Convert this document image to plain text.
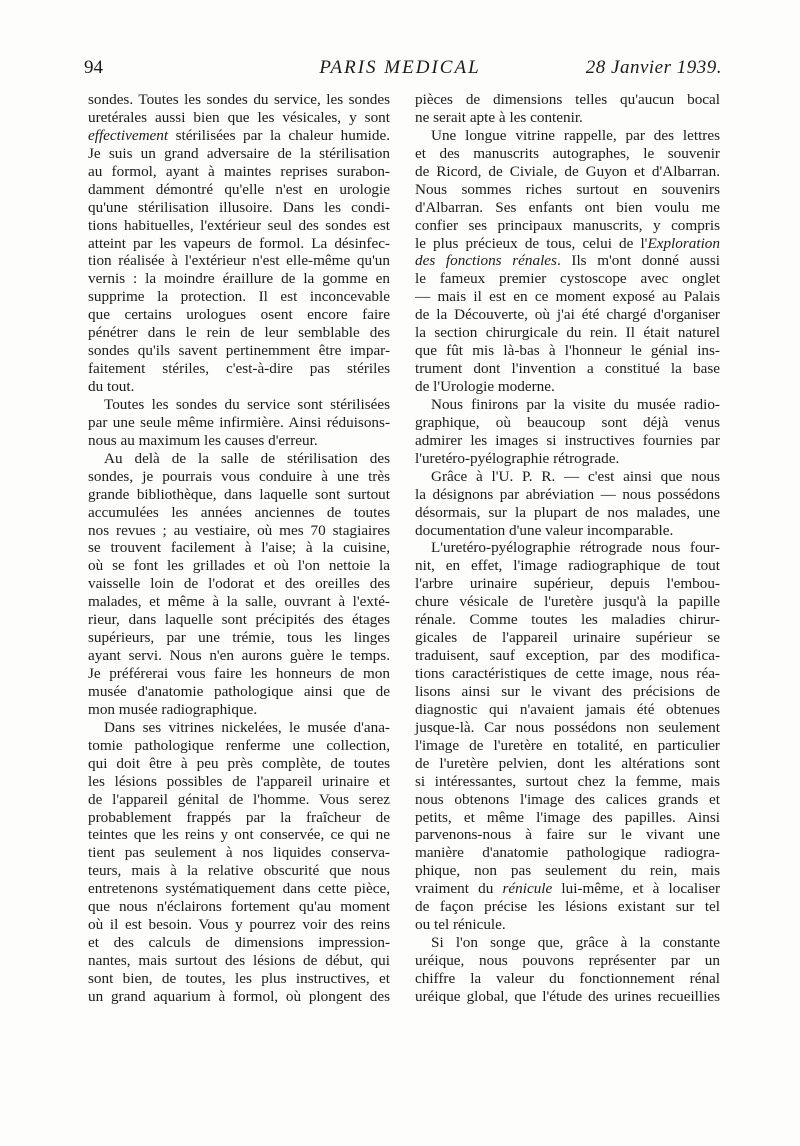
94	PARIS MEDICAL	28 Janvier 1939.
sondes. Toutes les sondes du service, les sondes
uretérales aussi bien que les vésicales, y sont
effectivement stérilisées par la chaleur humide.
Je suis un grand adversaire de la stérilisation
au formol, ayant à maintes reprises surabon-
damment démontré qu'elle n'est en urologie
qu'une stérilisation illusoire. Dans les condi-
tions habituelles, l'extérieur seul des sondes est
atteint par les vapeurs de formol. La désinfec-
tion réalisée à l'extérieur n'est elle-même qu'un
vernis : la moindre éraillure de la gomme en
supprime la protection. Il est inconcevable
que certains urologues osent encore faire
pénétrer dans le rein de leur semblable des
sondes qu'ils savent pertinemment être impar-
faitement stériles, c'est-à-dire pas stériles
du tout.
Toutes les sondes du service sont stérilisées
par une seule même infirmière. Ainsi réduisons-
nous au maximum les causes d'erreur.
Au delà de la salle de stérilisation des
sondes, je pourrais vous conduire à une très
grande bibliothèque, dans laquelle sont surtout
accumulées les années anciennes de toutes
nos revues ; au vestiaire, où mes 70 stagiaires
se trouvent facilement à l'aise; à la cuisine,
où se font les grillades et où l'on nettoie la
vaisselle loin de l'odorat et des oreilles des
malades, et même à la salle, ouvrant à l'exté-
rieur, dans laquelle sont précipités des étages
supérieurs, par une trémie, tous les linges
ayant servi. Nous n'en aurons guère le temps.
Je préférerai vous faire les honneurs de mon
musée d'anatomie pathologique ainsi que de
mon musée radiographique.
Dans ses vitrines nickelées, le musée d'ana-
tomie pathologique renferme une collection,
qui doit être à peu près complète, de toutes
les lésions possibles de l'appareil urinaire et
de l'appareil génital de l'homme. Vous serez
probablement frappés par la fraîcheur de
teintes que les reins y ont conservée, ce qui ne
tient pas seulement à nos liquides conserva-
teurs, mais à la relative obscurité que nous
entretenons systématiquement dans cette pièce,
que nous n'éclairons fortement qu'au moment
où il est besoin. Vous y pourrez voir des reins
et des calculs de dimensions impression-
nantes, mais surtout des lésions de début, qui
sont bien, de toutes, les plus instructives, et
un grand aquarium à formol, où plongent des
pièces de dimensions telles qu'aucun bocal
ne serait apte à les contenir.
Une longue vitrine rappelle, par des lettres
et des manuscrits autographes, le souvenir
de Ricord, de Civiale, de Guyon et d'Albarran.
Nous sommes riches surtout en souvenirs
d'Albarran. Ses enfants ont bien voulu me
confier ses principaux manuscrits, y compris
le plus précieux de tous, celui de l'Exploration
des fonctions rénales. Ils m'ont donné aussi
le fameux premier cystoscope avec onglet
— mais il est en ce moment exposé au Palais
de la Découverte, où j'ai été chargé d'organiser
la section chirurgicale du rein. Il était naturel
que fût mis là-bas à l'honneur le génial ins-
trument dont l'invention a constitué la base
de l'Urologie moderne.
Nous finirons par la visite du musée radio-
graphique, où beaucoup sont déjà venus
admirer les images si instructives fournies par
l'uretéro-pyélographie rétrograde.
Grâce à l'U. P. R. — c'est ainsi que nous
la désignons par abréviation — nous possédons
désormais, sur la plupart de nos malades, une
documentation d'une valeur incomparable.
L'uretéro-pyélographie rétrograde nous four-
nit, en effet, l'image radiographique de tout
l'arbre urinaire supérieur, depuis l'embou-
chure vésicale de l'uretère jusqu'à la papille
rénale. Comme toutes les maladies chirur-
gicales de l'appareil urinaire supérieur se
traduisent, sauf exception, par des modifica-
tions caractéristiques de cette image, nous réa-
lisons ainsi sur le vivant des précisions de
diagnostic qui n'avaient jamais été obtenues
jusque-là. Car nous possédons non seulement
l'image de l'uretère en totalité, en particulier
de l'uretère pelvien, dont les altérations sont
si intéressantes, surtout chez la femme, mais
nous obtenons l'image des calices grands et
petits, et même l'image des papilles. Ainsi
parvenons-nous à faire sur le vivant une
manière d'anatomie pathologique radiogra-
phique, non pas seulement du rein, mais
vraiment du rénicule lui-même, et à localiser
de façon précise les lésions existant sur tel
ou tel rénicule.
Si l'on songe que, grâce à la constante
uréique, nous pouvons représenter par un
chiffre la valeur du fonctionnement rénal
uréique global, que l'étude des urines recueillies
